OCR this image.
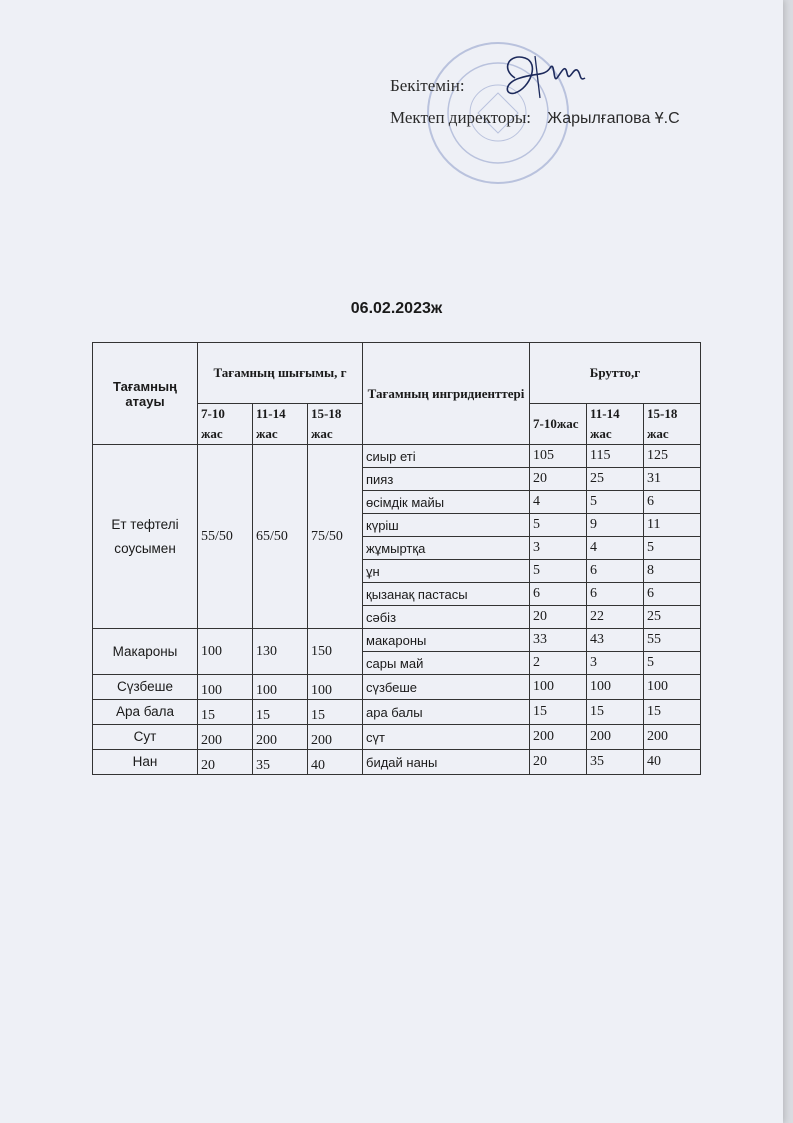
Бекітемін:
Мектеп директоры: Жарылғапова Ұ.С
06.02.2023ж
Тағамның атауы	Тағамның шығымы, г			Тағамның ингридиенттері	Брутто,г		
	7-10 жас	11-14 жас	15-18 жас		7-10жас	11-14 жас	15-18 жас
Ет тефтелі соусымен	55/50	65/50	75/50	сиыр еті	105	115	125
				пияз	20	25	31
				өсімдік майы	4	5	6
				күріш	5	9	11
				жұмыртқа	3	4	5
				ұн	5	6	8
				қызанақ пастасы	6	6	6
				сәбіз	20	22	25
Макароны	100	130	150	макароны	33	43	55
				сары май	2	3	5
Сүзбеше	100	100	100	сүзбеше	100	100	100
Ара бала	15	15	15	ара балы	15	15	15
Сут	200	200	200	сүт	200	200	200
Нан	20	35	40	бидай наны	20	35	40
